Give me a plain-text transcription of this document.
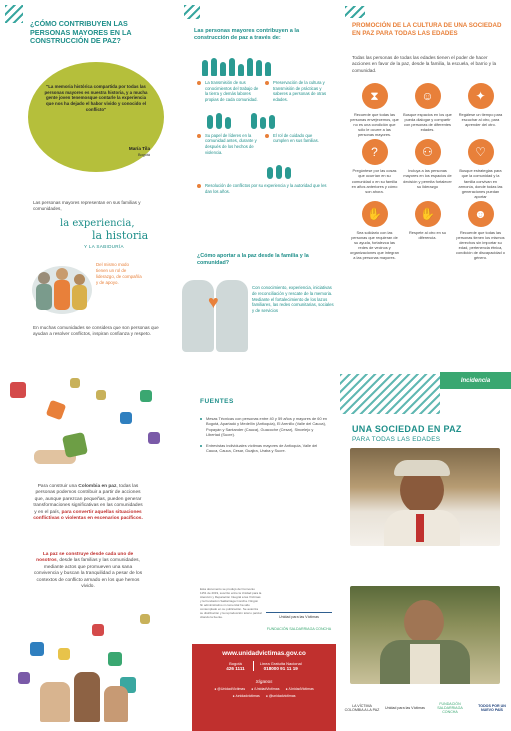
¿CÓMO CONTRIBUYEN LAS PERSONAS MAYORES EN LA CONSTRUCCIÓN DE PAZ?
"La memoria histórica compartida por todas las personas mayores es nuestra historia, y a mucha gente joven tenemosque contarle la experiencia que nos ha dejado el habor vivido y conocido el conflicto"
María Tila
Bogotá
Las personas mayores representan en sus familias y comunidades,
la experiencia,
la historia
Y LA SABIDURÍA
Del mismo modo tienen un rol de liderazgo, de compañía y de apoyo.
En muchas comunidades se considera que son personas que ayudan a resolver conflictos, inspiran confianza y respeto.
Las personas mayores contribuyen a la construcción de paz a través de:
La transmisión de sus conocimientos del trabajo de la tierra y demás labores propias de cada comunidad.
Preservación de la cultura y transmisión de prácticas y saberes a personas de otras edades.
Su papel de líderes en la comunidad antes, durante y después de los hechos de violencia.
El rol de cuidado que cumplen en sus familias.
Resolución de conflictos por su experiencia y la autoridad que les dan los años.
¿Cómo aportar a la paz desde la familia y la comunidad?
♥
Con conocimiento, experiencia, iniciativas de reconciliación y rescate de la memoria. Mediante el fortalecimiento de los lazos familiares, las redes comunitarias, sociales y de servicios
PROMOCIÓN DE LA CULTURA DE UNA SOCIEDAD EN PAZ PARA TODAS LAS EDADES
Todas las personas de todas las edades tienen el poder de hacer acciones en favor de la paz, desde la familia, la escuela, el barrio y la comunidad.
⧗
Recuerde que todas las personas envejecemos, que no es una condición que sólo le ocurre a las personas mayores.
☺
Busque espacios en los que pueda dialogar y compartir con personas de diferentes edades.
✦
Regálese un tiempo para escuchar al otro, para aprender del otro.
?
Pregúntese por las cosas que ocurrían en su comunidad o en su familia en años anteriores y cómo son ahora.
⚇
Incluya a las personas mayores en los espacios de decisión y permita fortalecer su liderazgo
♡
Busque estrategias para que la comunidad y la familia convivan en armonía, donde todas las generaciones puedan aportar
✋
Sea solidario con las personas que requieran de su ayuda, fortalezca las redes de vecinos y organizaciones que integran a las personas mayores.
✋
Respete al otro en su diferencia.
☻
Recuerde que todas las personas tienen los mismos derechos sin importar su edad, pertenencia étnica, condición de discapacidad o género.
Para construir una Colombia en paz, todas las personas podemos contribuir a partir de acciones que, aunque parezcan pequeñas, pueden generar transformaciones significativas en las comunidades y en el país, para convertir aquellas situaciones conflictivas o violentas en escenarios pacíficos.
La paz se construye desde cada uno de nosotros, desde las familias y las comunidades, mediante actos que promueven una sana convivencia y buscan la tranquilidad a pesar de los contextos de conflicto armado en los que hemos vivido.
FUENTES
Mesas Técnicas con personas entre 40 y 59 años y mayores de 60 en Bogotá, Apartadó y Medellín (Antioquia), El Arenillo (Valle del Cauca), Popayán y Santander (Cauca), Guacoche (Cesar), Sincelejo y Libertad (Sucre).
Entrevistas individuales víctimas mayores de Antioquia, Valle del Cauca, Cauca, Cesar, Guajira, Uraba y Sucre.
Esta documento se produjó del Convenio 1151 de 2019, suscrito entre la Unidad para la Atención y Reparación Integral a las Víctimas y la Fundación Saldarriaga Concha. Ningún fin administrativo ni comercial ha sido contemplado en su publicación. Se autoriza su distribución y la reproducción total o parcial citando la fuente.	Unidad para las Víctimas
FUNDACIÓN SALDARRIAGA CONCHA
www.unidadvictimas.gov.co
Bogotá
426 1111
Línea Gratuita Nacional
018000 91 11 19
Síganos
● @UnidadVictimas ● /UnidadVictimas ● /UnidadVictimas
● /unidadvictimas ● @unidadvictimas
Incidencia
UNA SOCIEDAD EN PAZ
PARA TODAS LAS EDADES
LA VÍCTIMA COLOMBIA A LA PAZ Unidad para las Víctimas
FUNDACIÓN SALDARRIAGA CONCHA
TODOS POR UN NUEVO PAÍS
